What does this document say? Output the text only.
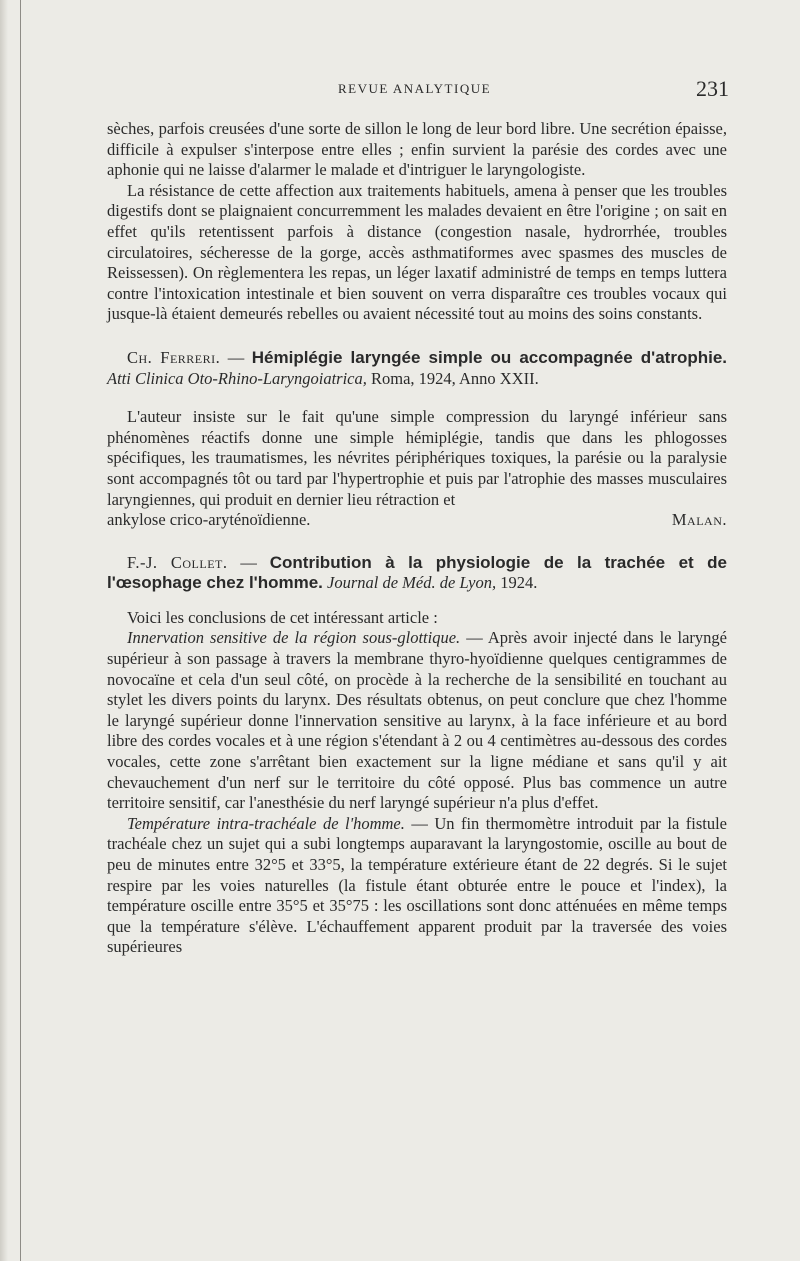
REVUE ANALYTIQUE	231

sèches, parfois creusées d'une sorte de sillon le long de leur bord libre. Une secrétion épaisse, difficile à expulser s'interpose entre elles ; enfin survient la parésie des cordes avec une aphonie qui ne laisse d'alarmer le malade et d'intriguer le laryngologiste.

La résistance de cette affection aux traitements habituels, amena à penser que les troubles digestifs dont se plaignaient concurremment les malades devaient en être l'origine ; on sait en effet qu'ils retentissent parfois à distance (congestion nasale, hydrorrhée, troubles circulatoires, sécheresse de la gorge, accès asthmatiformes avec spasmes des muscles de Reissessen). On règlementera les repas, un léger laxatif administré de temps en temps luttera contre l'intoxication intestinale et bien souvent on verra disparaître ces troubles vocaux qui jusque-là étaient demeurés rebelles ou avaient nécessité tout au moins des soins constants.

Ch. Ferreri. — Hémiplégie laryngée simple ou accompagnée d'atrophie. Atti Clinica Oto-Rhino-Laryngoiatrica, Roma, 1924, Anno XXII.

L'auteur insiste sur le fait qu'une simple compression du laryngé inférieur sans phénomènes réactifs donne une simple hémiplégie, tandis que dans les phlogosses spécifiques, les traumatismes, les névrites périphériques toxiques, la parésie ou la paralysie sont accompagnés tôt ou tard par l'hypertrophie et puis par l'atrophie des masses musculaires laryngiennes, qui produit en dernier lieu rétraction et

ankylose crico-aryténoïdienne.	Malan.

F.-J. Collet. — Contribution à la physiologie de la trachée et de l'œsophage chez l'homme. Journal de Méd. de Lyon, 1924.

Voici les conclusions de cet intéressant article :

Innervation sensitive de la région sous-glottique. — Après avoir injecté dans le laryngé supérieur à son passage à travers la membrane thyro-hyoïdienne quelques centigrammes de novocaïne et cela d'un seul côté, on procède à la recherche de la sensibilité en touchant au stylet les divers points du larynx. Des résultats obtenus, on peut conclure que chez l'homme le laryngé supérieur donne l'innervation sensitive au larynx, à la face inférieure et au bord libre des cordes vocales et à une région s'étendant à 2 ou 4 centimètres au-dessous des cordes vocales, cette zone s'arrêtant bien exactement sur la ligne médiane et sans qu'il y ait chevauchement d'un nerf sur le territoire du côté opposé. Plus bas commence un autre territoire sensitif, car l'anesthésie du nerf laryngé supérieur n'a plus d'effet.

Température intra-trachéale de l'homme. — Un fin thermomètre introduit par la fistule trachéale chez un sujet qui a subi longtemps auparavant la laryngostomie, oscille au bout de peu de minutes entre 32°5 et 33°5, la température extérieure étant de 22 degrés. Si le sujet respire par les voies naturelles (la fistule étant obturée entre le pouce et l'index), la température oscille entre 35°5 et 35°75 : les oscillations sont donc atténuées en même temps que la température s'élève. L'échauffement apparent produit par la traversée des voies supérieures
